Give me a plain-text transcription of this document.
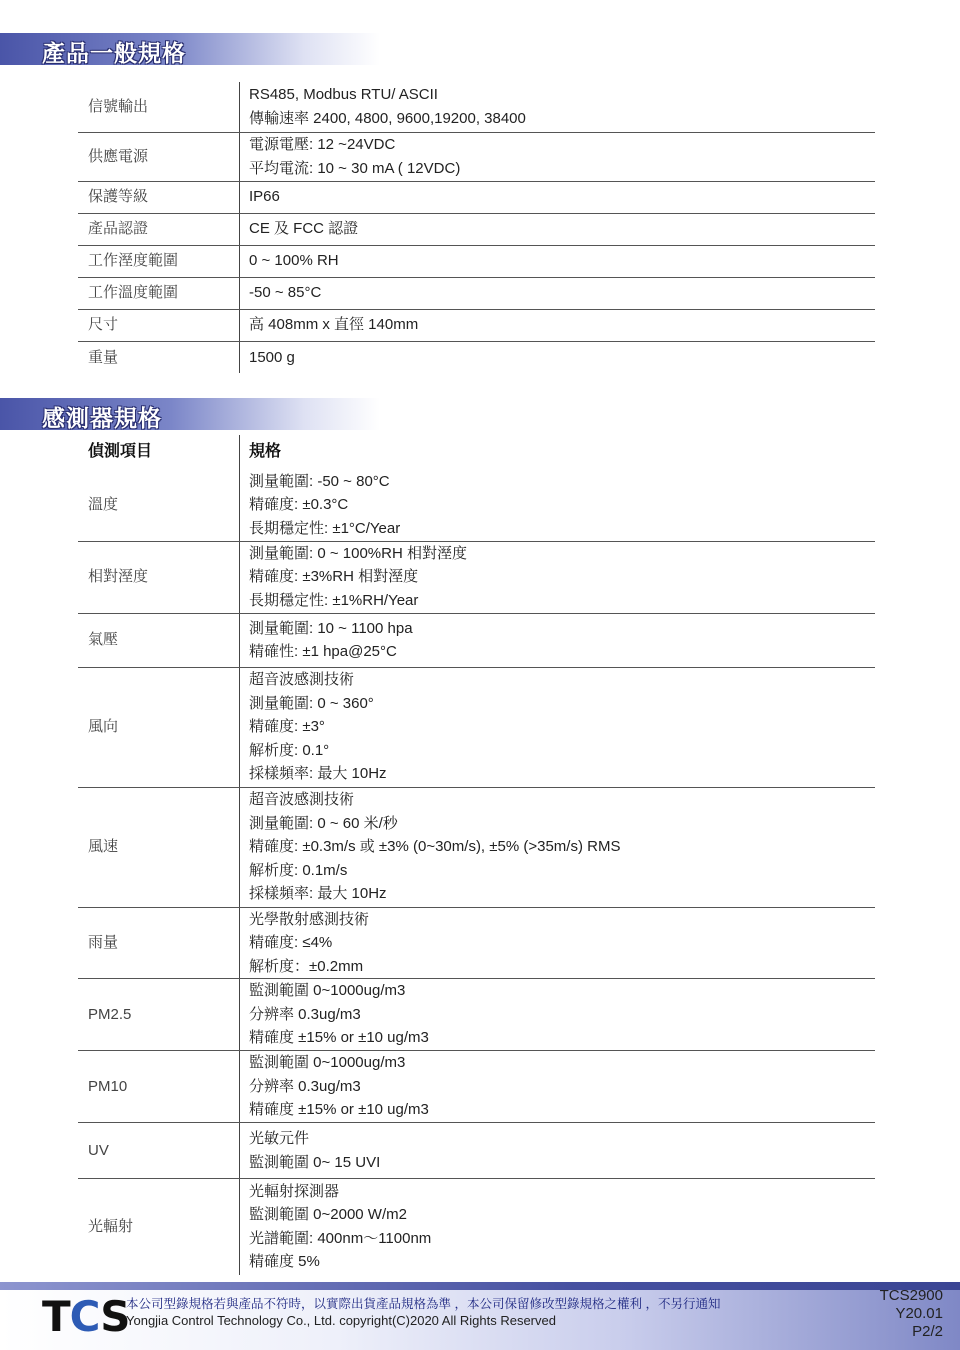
產品一般規格
信號輸出	RS485, Modbus RTU/ ASCII
傳輸速率 2400, 4800, 9600,19200, 38400

供應電源	電源電壓: 12 ~24VDC
平均電流: 10 ~ 30 mA ( 12VDC)

保護等級	IP66

產品認證	CE 及 FCC 認證

工作溼度範圍	0 ~ 100% RH

工作溫度範圍	-50 ~ 85°C

尺寸	高 408mm x 直徑 140mm

重量	1500 g
感測器規格
偵測項目	規格
溫度	測量範圍: -50 ~ 80°C
精確度: ±0.3°C
長期穩定性: ±1°C/Year

相對溼度	測量範圍: 0 ~ 100%RH 相對溼度
精確度: ±3%RH 相對溼度
長期穩定性: ±1%RH/Year

氣壓	測量範圍: 10 ~ 1100 hpa
精確性: ±1 hpa@25°C

風向	超音波感測技術
測量範圍: 0 ~ 360°
精確度: ±3°
解析度: 0.1°
採樣頻率: 最大 10Hz

風速	超音波感測技術
測量範圍: 0 ~ 60 米/秒
精確度: ±0.3m/s 或 ±3% (0~30m/s), ±5% (>35m/s) RMS
解析度: 0.1m/s
採樣頻率: 最大 10Hz

雨量	光學散射感測技術
精確度: ≤4%
解析度：±0.2mm

PM2.5	監測範圍 0~1000ug/m3
分辨率 0.3ug/m3
精確度 ±15% or ±10 ug/m3

PM10	監測範圍 0~1000ug/m3
分辨率 0.3ug/m3
精確度 ±15% or ±10 ug/m3

UV	光敏元件
監測範圍 0~ 15 UVI

光輻射	光輻射探測器
監測範圍 0~2000 W/m2
光譜範圍: 400nm～1100nm
精確度 5%
TCS
本公司型錄規格若與產品不符時，以實際出貨產品規格為準 ，本公司保留修改型錄規格之權利 ，不另行通知
Yongjia Control Technology Co., Ltd. copyright(C)2020 All Rights Reserved
TCS2900
Y20.01
P2/2
